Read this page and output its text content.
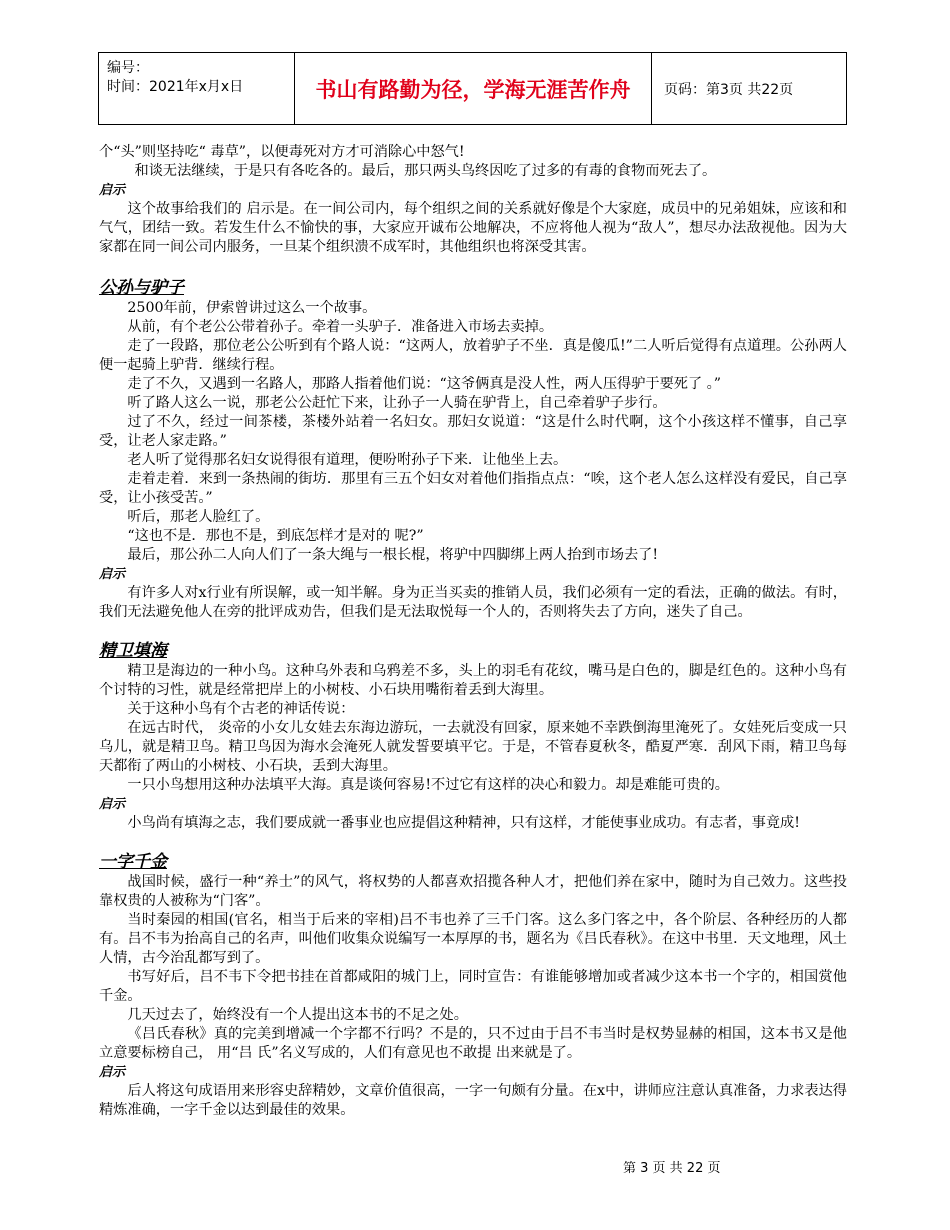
编号：
时间：2021年x月x日	书山有路勤为径，学海无涯苦作舟	页码：第3页 共22页

个“头”则坚持吃“ 毒草”，以便毒死对方才可消除心中怒气!

和谈无法继续，于是只有各吃各的。最后，那只两头鸟终因吃了过多的有毒的食物而死去了。

启示

这个故事给我们的 启示是。在一间公司内，每个组织之间的关系就好像是个大家庭，成员中的兄弟姐妹，应该和和气气，团结一致。若发生什么不愉快的事，大家应开诚布公地解决，不应将他人视为“敌人”，想尽办法敌视他。因为大家都在同一间公司内服务，一旦某个组织溃不成军时，其他组织也将深受其害。

公孙与驴子

2500年前，伊索曾讲过这么一个故事。

从前，有个老公公带着孙子。牵着一头驴子．准备进入市场去卖掉。

走了一段路，那位老公公听到有个路人说：“这两人，放着驴子不坐．真是傻瓜!”二人听后觉得有点道理。公孙两人便一起骑上驴背．继续行程。

走了不久，又遇到一名路人，那路人指着他们说：“这爷俩真是没人性，两人压得驴于要死了 。”

听了路人这么一说，那老公公赶忙下来，让孙子一人骑在驴背上，自己牵着驴子步行。

过了不久，经过一间茶楼，茶楼外站着一名妇女。那妇女说道：“这是什么时代啊，这个小孩这样不懂事，自己享受，让老人家走路。”

老人听了觉得那名妇女说得很有道理，便吩咐孙子下来．让他坐上去。

走着走着．来到一条热闹的街坊．那里有三五个妇女对着他们指指点点：“唉，这个老人怎么这样没有爱民，自己享受，让小孩受苦。”

听后，那老人脸红了。

“这也不是．那也不是，到底怎样才是对的 呢?”

最后，那公孙二人向人们了一条大绳与一根长棍，将驴中四脚绑上两人抬到市场去了!

启示

有许多人对x行业有所误解，或一知半解。身为正当买卖的推销人员，我们必须有一定的看法，正确的做法。有时，我们无法避免他人在旁的批评成劝告，但我们是无法取悦每一个人的，否则将失去了方向，迷失了自己。

精卫填海

精卫是海边的一种小鸟。这种乌外表和乌鸦差不多，头上的羽毛有花纹，嘴马是白色的，脚是红色的。这种小鸟有个讨特的习性，就是经常把岸上的小树枝、小石块用嘴衔着丢到大海里。

关于这种小鸟有个古老的神话传说：

在远古时代， 炎帝的小女儿女娃去东海边游玩，一去就没有回家，原来她不幸跌倒海里淹死了。女娃死后变成一只乌儿，就是精卫鸟。精卫鸟因为海水会淹死人就发誓要填平它。于是，不管春夏秋冬，酷夏严寒．刮风下雨，精卫鸟每天都衔了两山的小树枝、小石块，丢到大海里。

一只小鸟想用这种办法填平大海。真是谈何容易!不过它有这样的决心和毅力。却是难能可贵的。

启示

小鸟尚有填海之志，我们要成就一番事业也应提倡这种精神，只有这样，才能使事业成功。有志者，事竟成!

一字千金

战国时候，盛行一种“养士”的风气，将权势的人都喜欢招揽各种人才，把他们养在家中，随时为自己效力。这些投靠权贵的人被称为“门客”。

当时秦园的相国(官名，相当于后来的宰相)吕不韦也养了三千门客。这么多门客之中，各个阶层、各种经历的人都有。吕不韦为抬高自己的名声，叫他们收集众说编写一本厚厚的书，题名为《吕氏春秋》。在这中书里．天文地理，风土人情，古今治乱都写到了。

书写好后，吕不韦下令把书挂在首都咸阳的城门上，同时宣告：有谁能够增加或者减少这本书一个字的，相国赏他千金。

几天过去了，始终没有一个人提出这本书的不足之处。

《吕氏春秋》真的完美到增减一个字都不行吗？不是的，只不过由于吕不韦当时是权势显赫的相国，这本书又是他立意要标榜自己， 用“吕 氏”名义写成的，人们有意见也不敢提 出来就是了。

启示

后人将这句成语用来形容史辞精妙，文章价值很高，一字一句颇有分量。在x中，讲师应注意认真准备，力求表达得精炼准确，一字千金以达到最佳的效果。

第 3 页 共 22 页
